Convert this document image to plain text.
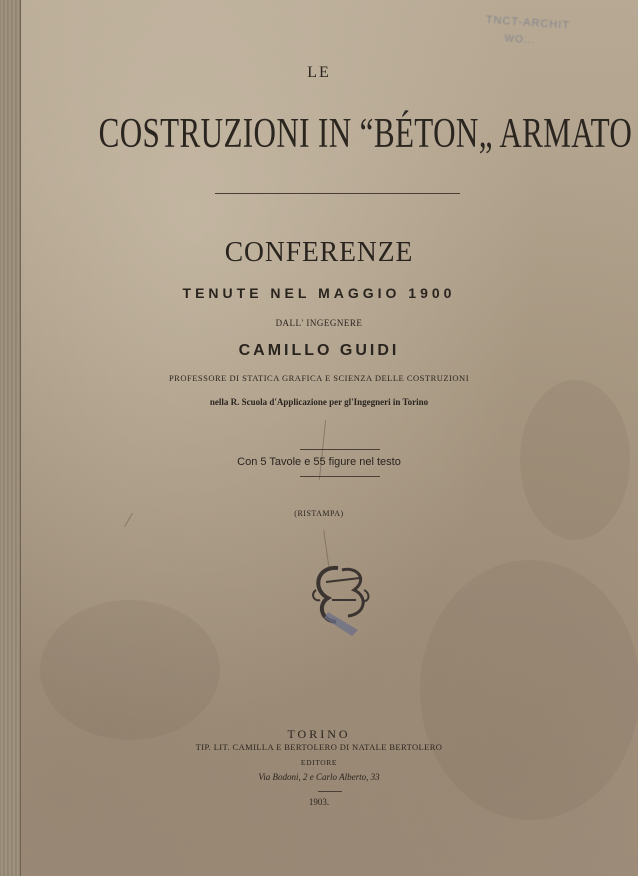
TNCT-ARCHIT
WO...
LE
COSTRUZIONI IN “BÉTON„ ARMATO
CONFERENZE
TENUTE NEL MAGGIO 1900
DALL' INGEGNERE
CAMILLO GUIDI
PROFESSORE DI STATICA GRAFICA E SCIENZA DELLE COSTRUZIONI
nella R. Scuola d'Applicazione per gl'Ingegneri in Torino
Con 5 Tavole e 55 figure nel testo
(RISTAMPA)
TORINO
TIP. LIT. CAMILLA E BERTOLERO DI NATALE BERTOLERO
EDITORE
Via Bodoni, 2 e Carlo Alberto, 33
1903.
